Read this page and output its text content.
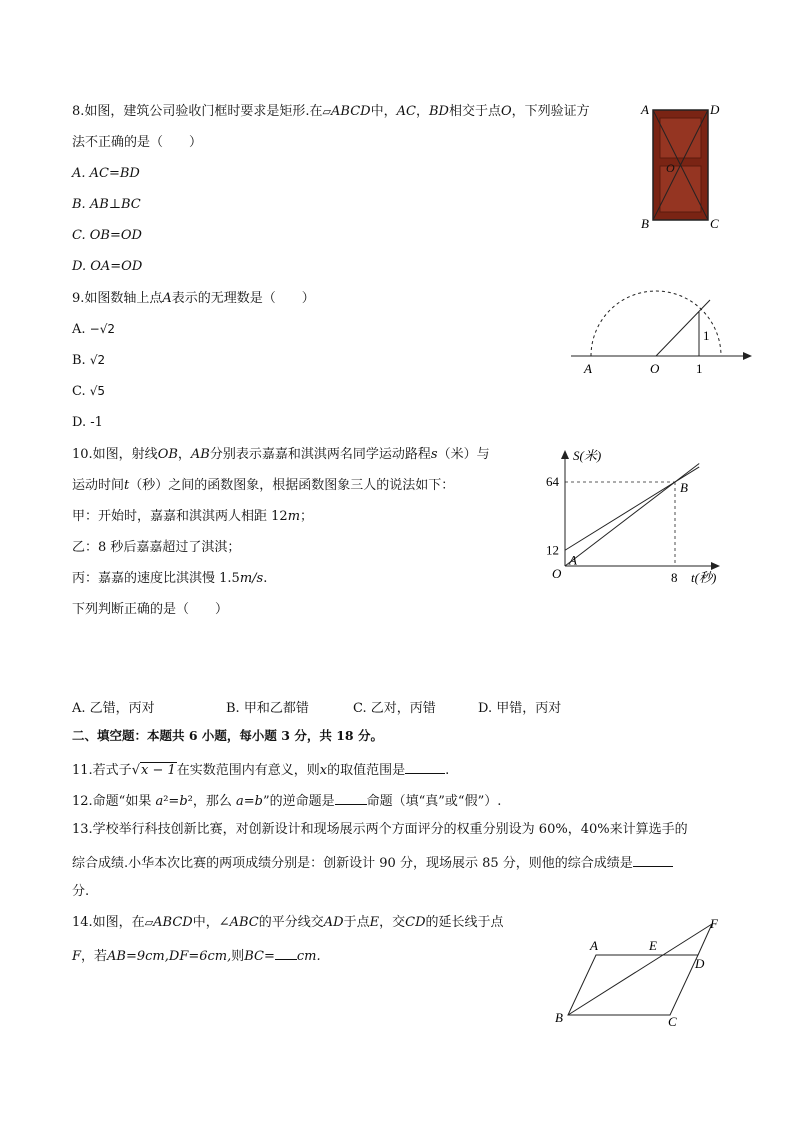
8.如图，建筑公司验收门框时要求是矩形.在▱ABCD中，AC，BD相交于点O，下列验证方
法不正确的是（　　）
A. AC=BD
B. AB⊥BC
C. OB=OD
D. OA=OD
A	D
B	C
O
9.如图数轴上点A表示的无理数是（　　）
A. −√2
B. √2
C. √5
D. -1
A	O	1
1
10.如图，射线OB，AB分别表示嘉嘉和淇淇两名同学运动路程s（米）与
运动时间t（秒）之间的函数图象，根据函数图象三人的说法如下：
甲：开始时，嘉嘉和淇淇两人相距 12m；
乙：8 秒后嘉嘉超过了淇淇；
丙：嘉嘉的速度比淇淇慢 1.5m/s.
下列判断正确的是（　　）
S(米)
t(秒)
O
64
12
8
A
B
A. 乙错，丙对	B. 甲和乙都错	C. 乙对，丙错	D. 甲错，丙对
二、填空题：本题共 6 小题，每小题 3 分，共 18 分。
11.若式子√x − 1在实数范围内有意义，则x的取值范围是	.
12.命题“如果 a²=b²，那么 a=b”的逆命题是 命题（填“真”或“假”）.
13.学校举行科技创新比赛，对创新设计和现场展示两个方面评分的权重分别设为 60%，40%来计算选手的
综合成绩.小华本次比赛的两项成绩分别是：创新设计 90 分，现场展示 85 分，则他的综合成绩是
分.
14.如图，在▱ABCD中，∠ABC的平分线交AD于点E，交CD的延长线于点
F，若AB=9cm,DF=6cm,则BC= cm.
A	E
F
D
B	C
